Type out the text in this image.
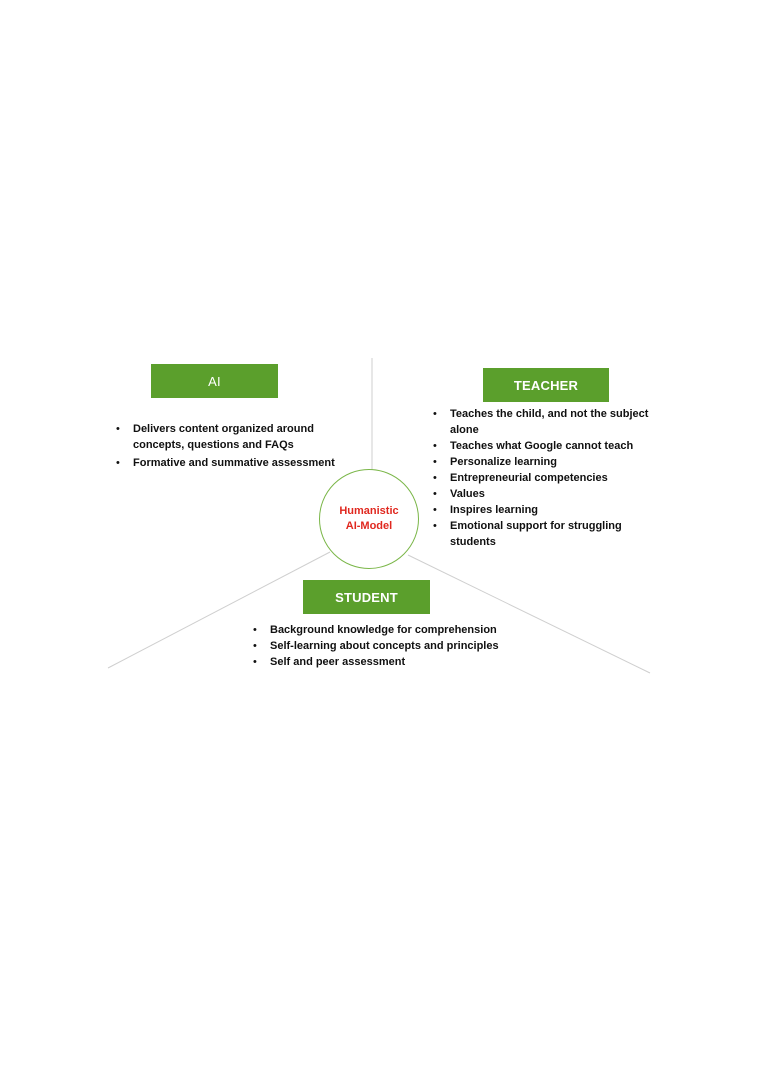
AI	TEACHER
Humanistic
AI-Model
STUDENT
• Delivers content organized around concepts, questions and FAQs
• Formative and summative assessment
• Teaches the child, and not the subject alone
• Teaches what Google cannot teach
• Personalize learning
• Entrepreneurial competencies
• Values
• Inspires learning
• Emotional support for struggling students
• Background knowledge for comprehension
• Self-learning about concepts and principles
• Self and peer assessment
